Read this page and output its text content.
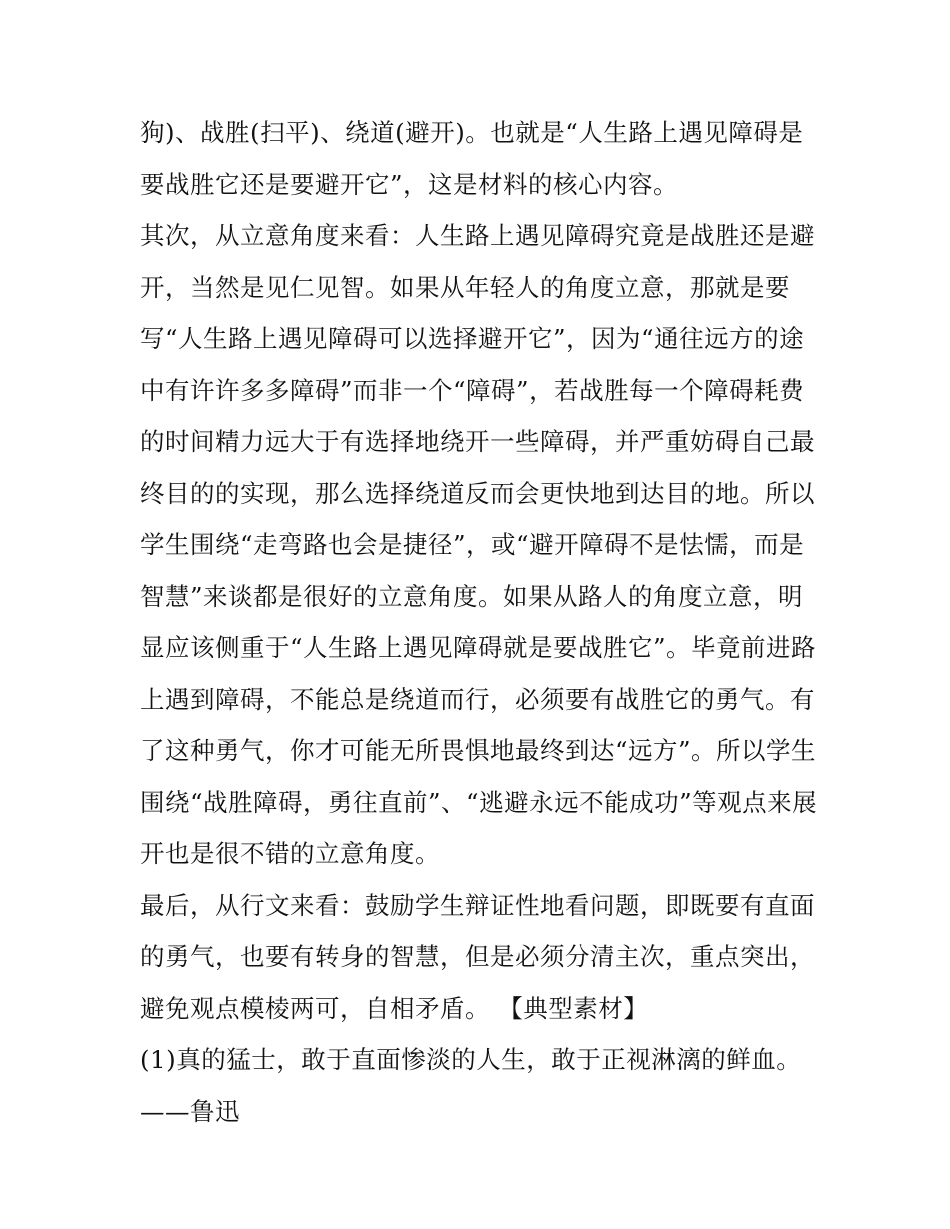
狗)、战胜(扫平)、绕道(避开)。也就是“人生路上遇见障碍是
要战胜它还是要避开它”，这是材料的核心内容。
其次，从立意角度来看：人生路上遇见障碍究竟是战胜还是避
开，当然是见仁见智。如果从年轻人的角度立意，那就是要
写“人生路上遇见障碍可以选择避开它”，因为“通往远方的途
中有许许多多障碍”而非一个“障碍”，若战胜每一个障碍耗费
的时间精力远大于有选择地绕开一些障碍，并严重妨碍自己最
终目的的实现，那么选择绕道反而会更快地到达目的地。所以
学生围绕“走弯路也会是捷径”，或“避开障碍不是怯懦，而是
智慧”来谈都是很好的立意角度。如果从路人的角度立意，明
显应该侧重于“人生路上遇见障碍就是要战胜它”。毕竟前进路
上遇到障碍，不能总是绕道而行，必须要有战胜它的勇气。有
了这种勇气，你才可能无所畏惧地最终到达“远方”。所以学生
围绕“战胜障碍，勇往直前”、“逃避永远不能成功”等观点来展
开也是很不错的立意角度。
最后，从行文来看：鼓励学生辩证性地看问题，即既要有直面
的勇气，也要有转身的智慧，但是必须分清主次，重点突出，
避免观点模棱两可，自相矛盾。 【典型素材】
(1)真的猛士，敢于直面惨淡的人生，敢于正视淋漓的鲜血。
——鲁迅
